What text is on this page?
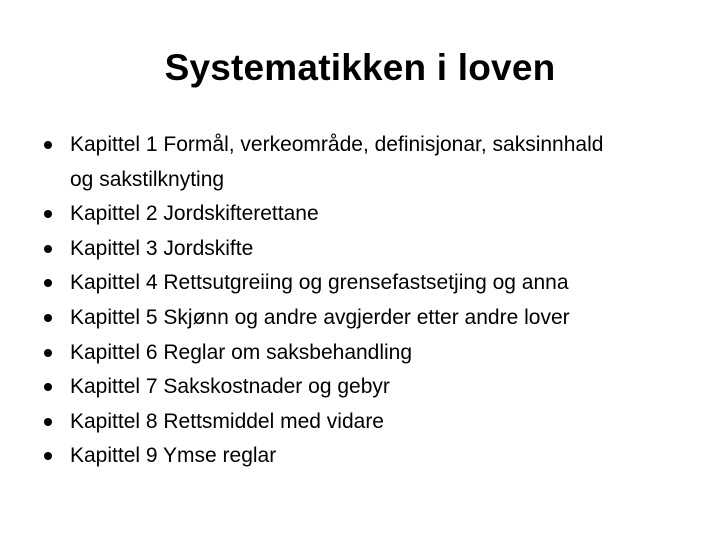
Systematikken i loven
Kapittel 1 Formål, verkeområde, definisjonar, saksinnhald og sakstilknyting
Kapittel 2 Jordskifterettane
Kapittel 3 Jordskifte
Kapittel 4 Rettsutgreiing og grensefastsetjing og anna
Kapittel 5 Skjønn og andre avgjerder etter andre lover
Kapittel 6 Reglar om saksbehandling
Kapittel 7 Sakskostnader og gebyr
Kapittel 8 Rettsmiddel med vidare
Kapittel 9 Ymse reglar
